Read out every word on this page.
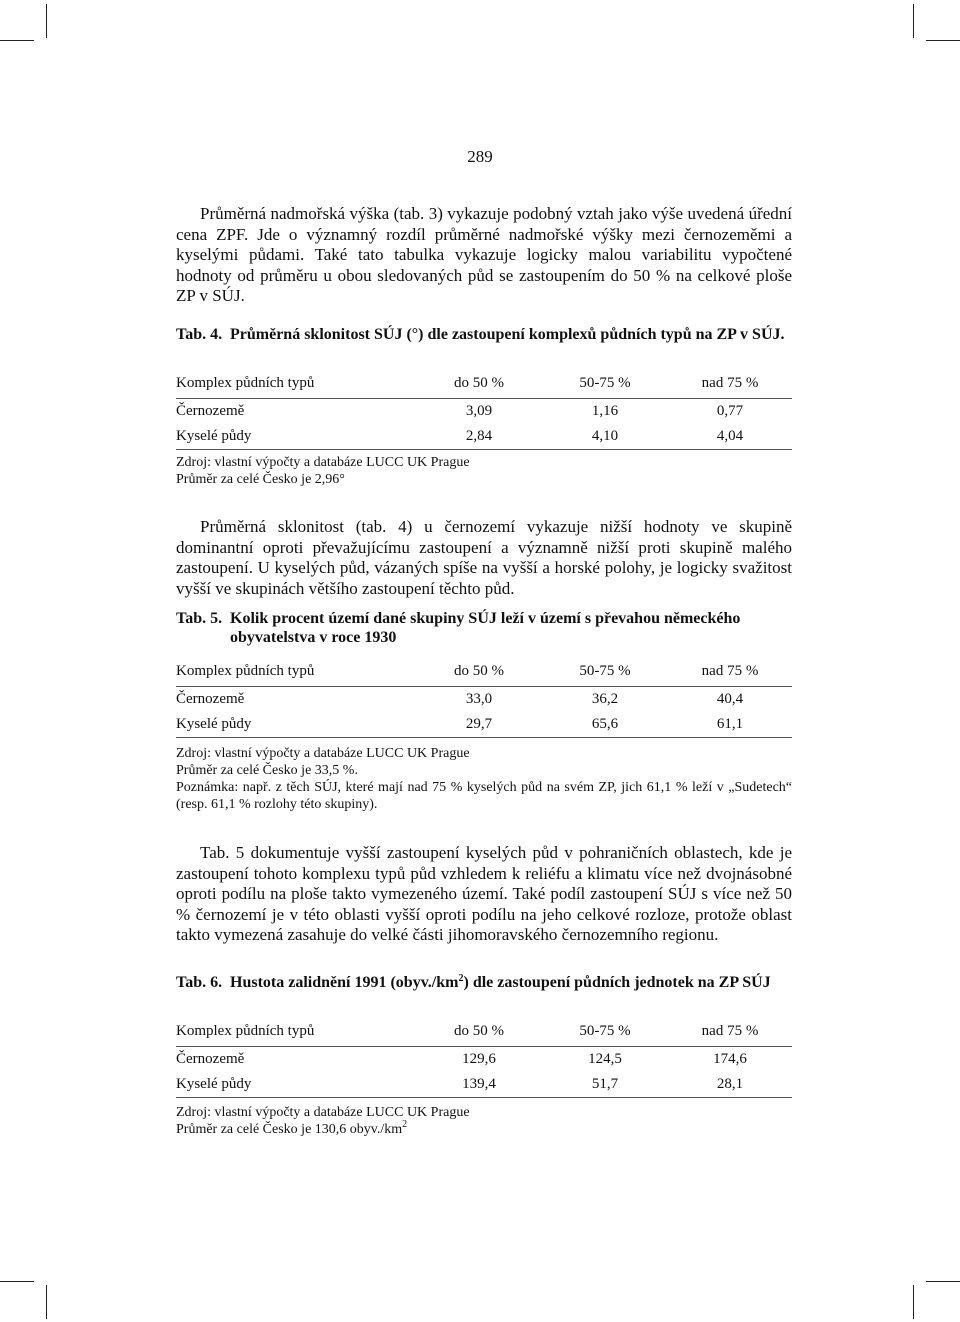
289

Průměrná nadmořská výška (tab. 3) vykazuje podobný vztah jako výše uvedená úřední cena ZPF. Jde o významný rozdíl průměrné nadmořské výšky mezi černozeměmi a kyselými půdami. Také tato tabulka vykazuje logicky malou variabilitu vypočtené hodnoty od průměru u obou sledovaných půd se zastoupením do 50 % na celkové ploše ZP v SÚJ.

Tab. 4. Průměrná sklonitost SÚJ (°) dle zastoupení komplexů půdních typů na ZP v SÚJ.

Komplex půdních typů	do 50 %	50-75 %	nad 75 %
Černozemě	3,09	1,16	0,77
Kyselé půdy	2,84	4,10	4,04

Zdroj: vlastní výpočty a databáze LUCC UK Prague

Průměr za celé Česko je 2,96°

Průměrná sklonitost (tab. 4) u černozemí vykazuje nižší hodnoty ve skupině dominantní oproti převažujícímu zastoupení a významně nižší proti skupině malého zastoupení. U kyselých půd, vázaných spíše na vyšší a horské polohy, je logicky svažitost vyšší ve skupinách většího zastoupení těchto půd.

Tab. 5. Kolik procent území dané skupiny SÚJ leží v území s převahou německého obyvatelstva v roce 1930

Komplex půdních typů	do 50 %	50-75 %	nad 75 %
Černozemě	33,0	36,2	40,4
Kyselé půdy	29,7	65,6	61,1

Zdroj: vlastní výpočty a databáze LUCC UK Prague

Průměr za celé Česko je 33,5 %.

Poznámka: např. z těch SÚJ, které mají nad 75 % kyselých půd na svém ZP, jich 61,1 % leží v „Sudetech“ (resp. 61,1 % rozlohy této skupiny).

Tab. 5 dokumentuje vyšší zastoupení kyselých půd v pohraničních oblastech, kde je zastoupení tohoto komplexu typů půd vzhledem k reliéfu a klimatu více než dvojnásobné oproti podílu na ploše takto vymezeného území. Také podíl zastoupení SÚJ s více než 50 % černozemí je v této oblasti vyšší oproti podílu na jeho celkové rozloze, protože oblast takto vymezená zasahuje do velké části jihomoravského černozemního regionu.

Tab. 6. Hustota zalidnění 1991 $(obyv./km^2)$ dle zastoupení půdních jednotek na ZP SÚJ

Komplex půdních typů	do 50 %	50-75 %	nad 75 %
Černozemě	129,6	124,5	174,6
Kyselé půdy	139,4	51,7	28,1

Zdroj: vlastní výpočty a databáze LUCC UK Prague

Průměr za celé Česko je 130,6 $obyv./km^2$
